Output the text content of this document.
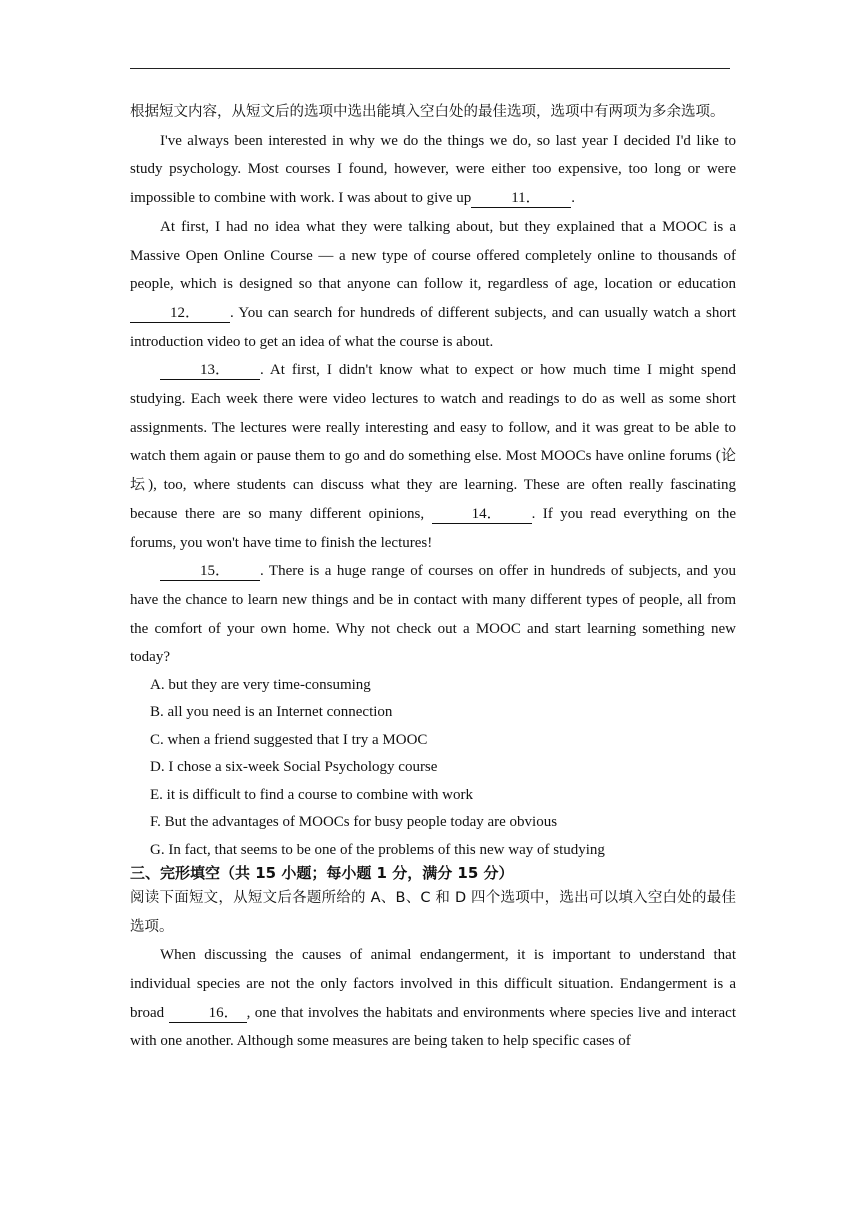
根据短文内容，从短文后的选项中选出能填入空白处的最佳选项，选项中有两项为多余选项。

I've always been interested in why we do the things we do, so last year I decided I'd like to study psychology. Most courses I found, however, were either too expensive, too long or were impossible to combine with work. I was about to give up	11． .

At first, I had no idea what they were talking about, but they explained that a MOOC is a Massive Open Online Course — a new type of course offered completely online to thousands of people, which is designed so that anyone can follow it, regardless of age, location or education 12． . You can search for hundreds of different subjects, and can usually watch a short introduction video to get an idea of what the course is about.

13． . At first, I didn't know what to expect or how much time I might spend studying. Each week there were video lectures to watch and readings to do as well as some short assignments. The lectures were really interesting and easy to follow, and it was great to be able to watch them again or pause them to go and do something else. Most MOOCs have online forums (论坛), too, where students can discuss what they are learning. These are often really fascinating because there are so many different opinions,	14． . If you read everything on the forums, you won't have time to finish the lectures!

15． . There is a huge range of courses on offer in hundreds of subjects, and you have the chance to learn new things and be in contact with many different types of people, all from the comfort of your own home. Why not check out a MOOC and start learning something new today?

A. but they are very time-consuming

B. all you need is an Internet connection

C. when a friend suggested that I try a MOOC

D. I chose a six-week Social Psychology course

E. it is difficult to find a course to combine with work

F. But the advantages of MOOCs for busy people today are obvious

G. In fact, that seems to be one of the problems of this new way of studying

三、完形填空（共 15 小题；每小题 1 分，满分 15 分）

阅读下面短文，从短文后各题所给的 A、B、C 和 D 四个选项中，选出可以填入空白处的最佳选项。

When discussing the causes of animal endangerment, it is important to understand that individual species are not the only factors involved in this difficult situation. Endangerment is a broad	16． , one that involves the habitats and environments where species live and interact with one another. Although some measures are being taken to help specific cases of
